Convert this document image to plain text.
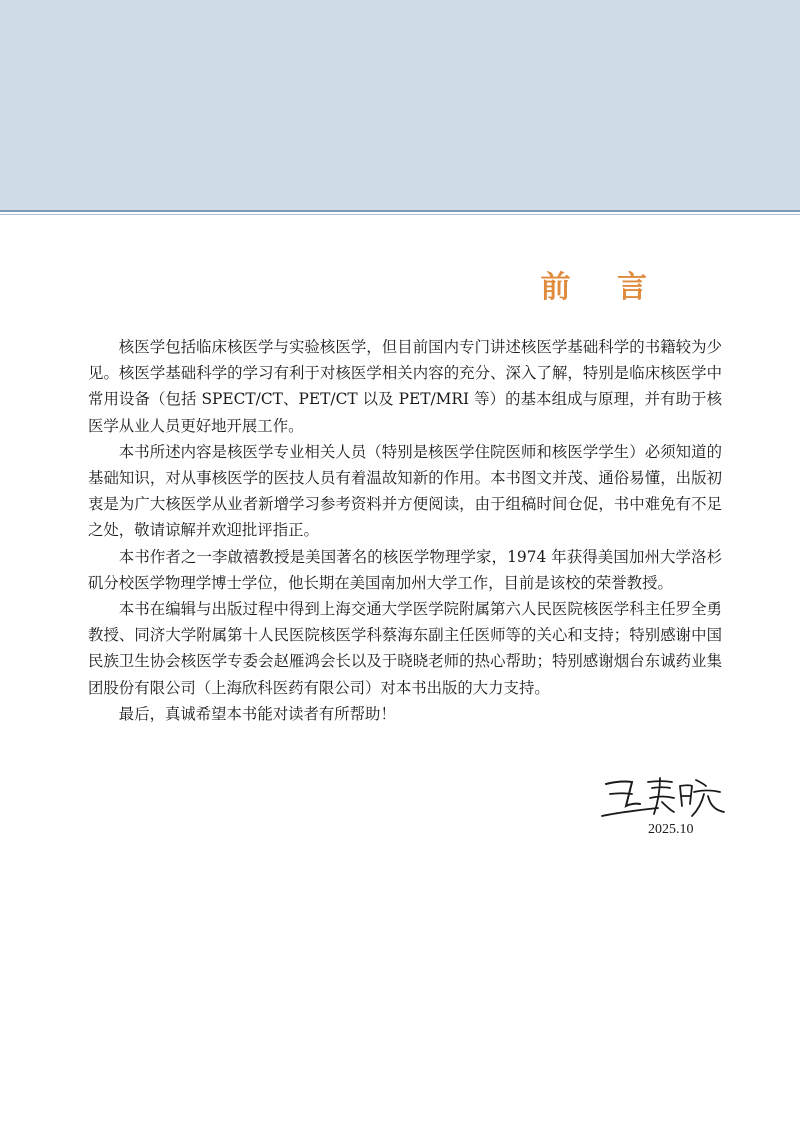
前 言

核医学包括临床核医学与实验核医学，但目前国内专门讲述核医学基础科学的书籍较为少见。核医学基础科学的学习有利于对核医学相关内容的充分、深入了解，特别是临床核医学中常用设备（包括 SPECT/CT、PET/CT 以及 PET/MRI 等）的基本组成与原理，并有助于核医学从业人员更好地开展工作。

本书所述内容是核医学专业相关人员（特别是核医学住院医师和核医学学生）必须知道的基础知识，对从事核医学的医技人员有着温故知新的作用。本书图文并茂、通俗易懂，出版初衷是为广大核医学从业者新增学习参考资料并方便阅读，由于组稿时间仓促，书中难免有不足之处，敬请谅解并欢迎批评指正。

本书作者之一李啟禧教授是美国著名的核医学物理学家，1974 年获得美国加州大学洛杉矶分校医学物理学博士学位，他长期在美国南加州大学工作，目前是该校的荣誉教授。

本书在编辑与出版过程中得到上海交通大学医学院附属第六人民医院核医学科主任罗全勇教授、同济大学附属第十人民医院核医学科蔡海东副主任医师等的关心和支持；特别感谢中国民族卫生协会核医学专委会赵雁鸿会长以及于晓晓老师的热心帮助；特别感谢烟台东诚药业集团股份有限公司（上海欣科医药有限公司）对本书出版的大力支持。

最后，真诚希望本书能对读者有所帮助！

2025.10
